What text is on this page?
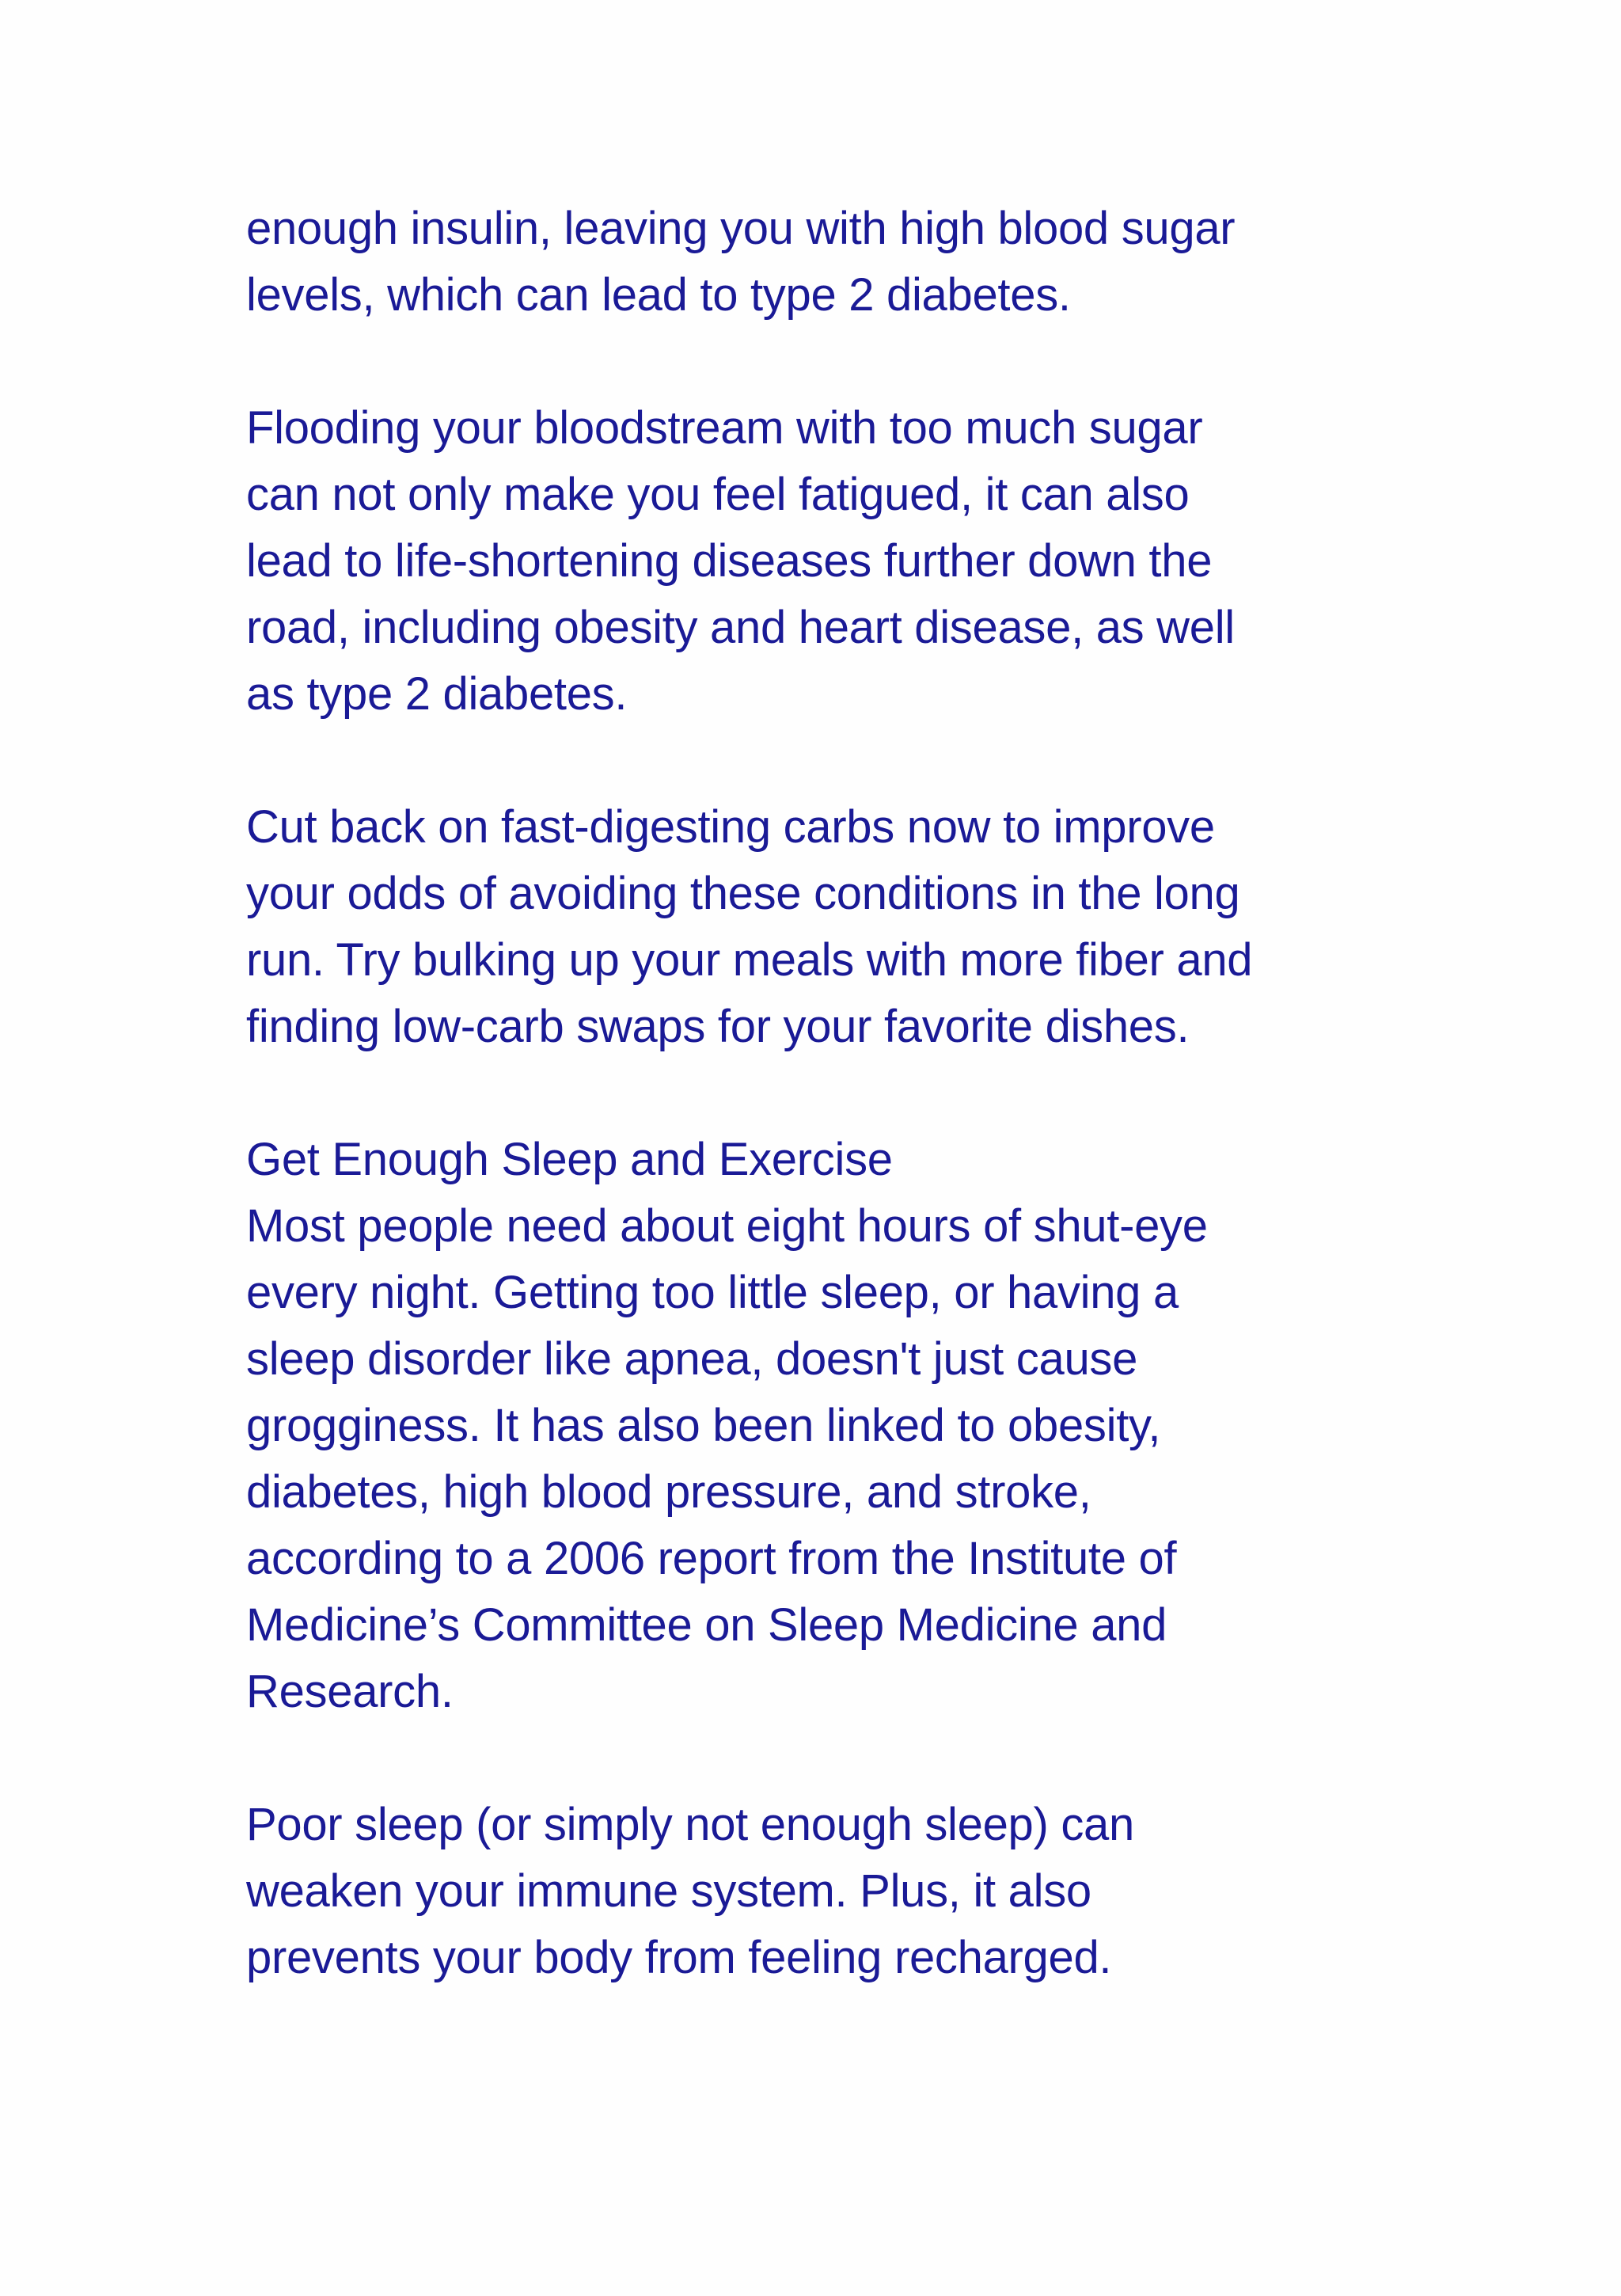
enough insulin, leaving you with high blood sugar
levels, which can lead to type 2 diabetes.
Flooding your bloodstream with too much sugar
can not only make you feel fatigued, it can also
lead to life-shortening diseases further down the
road, including obesity and heart disease, as well
as type 2 diabetes.
Cut back on fast-digesting carbs now to improve
your odds of avoiding these conditions in the long
run. Try bulking up your meals with more fiber and
finding low-carb swaps for your favorite dishes.
Get Enough Sleep and Exercise
Most people need about eight hours of shut-eye
every night. Getting too little sleep, or having a
sleep disorder like apnea, doesn't just cause
grogginess. It has also been linked to obesity,
diabetes, high blood pressure, and stroke,
according to a 2006 report from the Institute of
Medicine’s Committee on Sleep Medicine and
Research.
Poor sleep (or simply not enough sleep) can
weaken your immune system. Plus, it also
prevents your body from feeling recharged.
